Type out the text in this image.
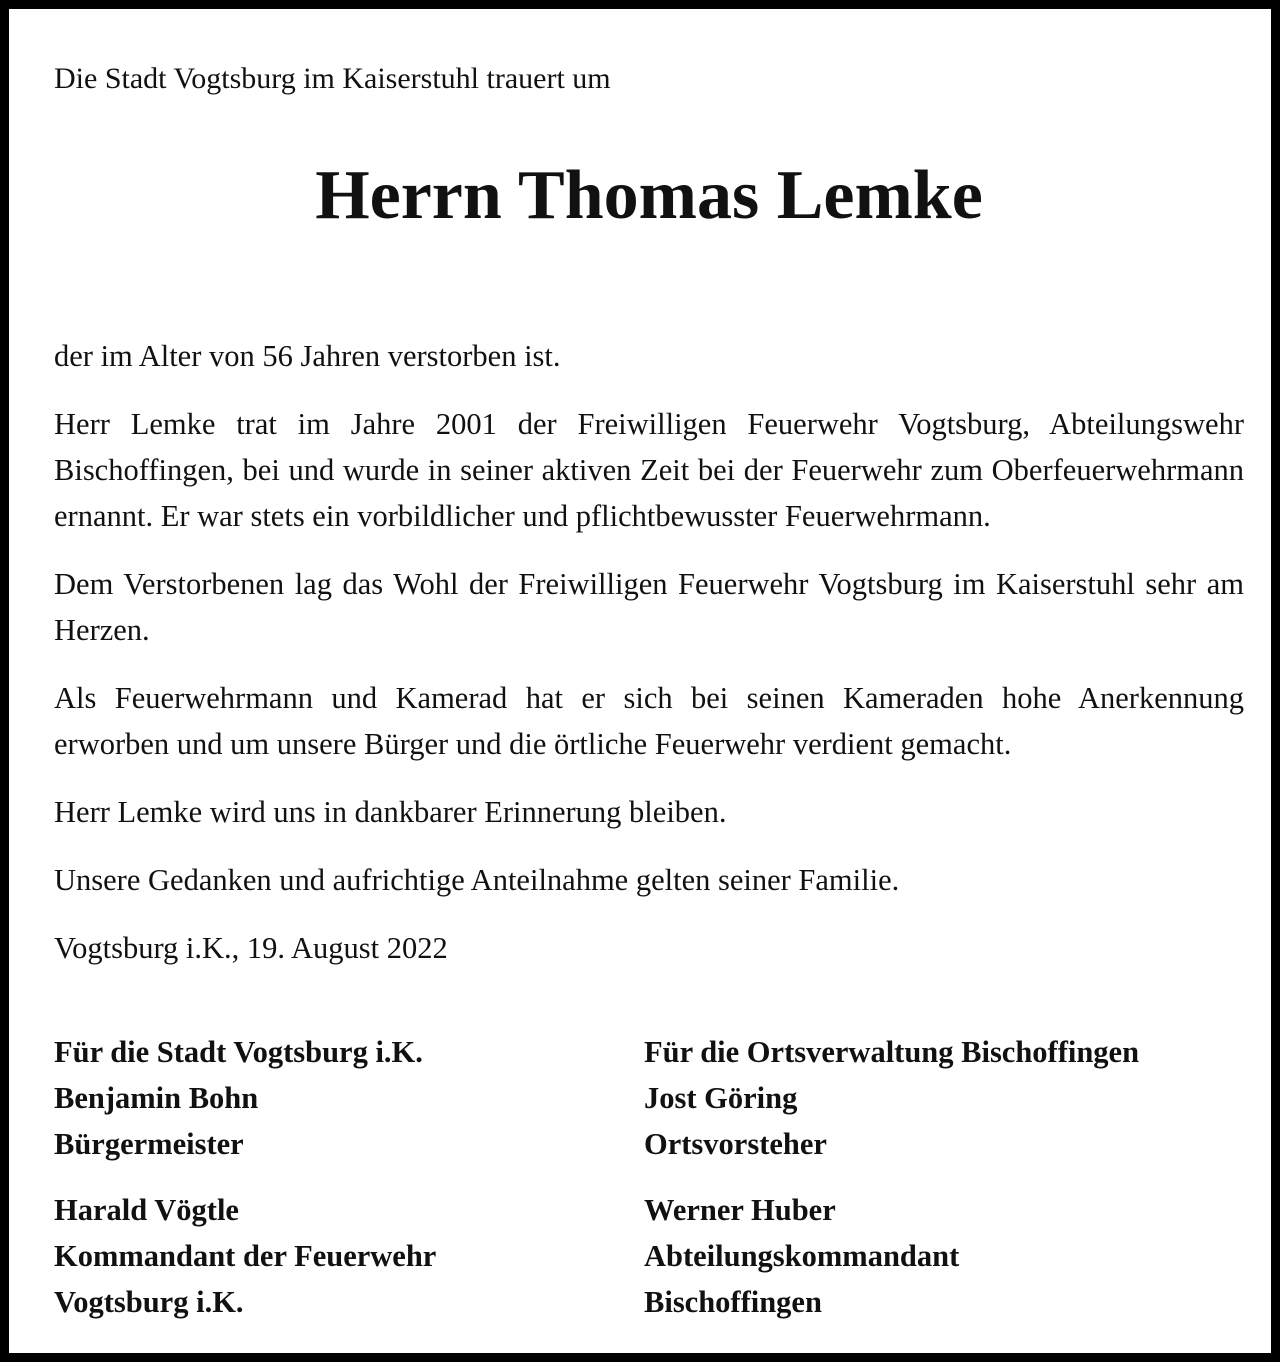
Die Stadt Vogtsburg im Kaiserstuhl trauert um

Herrn Thomas Lemke

der im Alter von 56 Jahren verstorben ist.

Herr Lemke trat im Jahre 2001 der Freiwilligen Feuerwehr Vogtsburg, Abteilungswehr Bischoffingen, bei und wurde in seiner aktiven Zeit bei der Feuerwehr zum Oberfeuerwehrmann ernannt. Er war stets ein vorbildlicher und pflichtbewusster Feuerwehrmann.

Dem Verstorbenen lag das Wohl der Freiwilligen Feuerwehr Vogtsburg im Kaiserstuhl sehr am Herzen.

Als Feuerwehrmann und Kamerad hat er sich bei seinen Kameraden hohe Anerkennung erworben und um unsere Bürger und die örtliche Feuerwehr verdient gemacht.

Herr Lemke wird uns in dankbarer Erinnerung bleiben.

Unsere Gedanken und aufrichtige Anteilnahme gelten seiner Familie.

Vogtsburg i.K., 19. August 2022

Für die Stadt Vogtsburg i.K.
Benjamin Bohn
Bürgermeister
Für die Ortsverwaltung Bischoffingen
Jost Göring
Ortsvorsteher
Harald Vögtle
Kommandant der Feuerwehr
Vogtsburg i.K.
Werner Huber
Abteilungskommandant
Bischoffingen
